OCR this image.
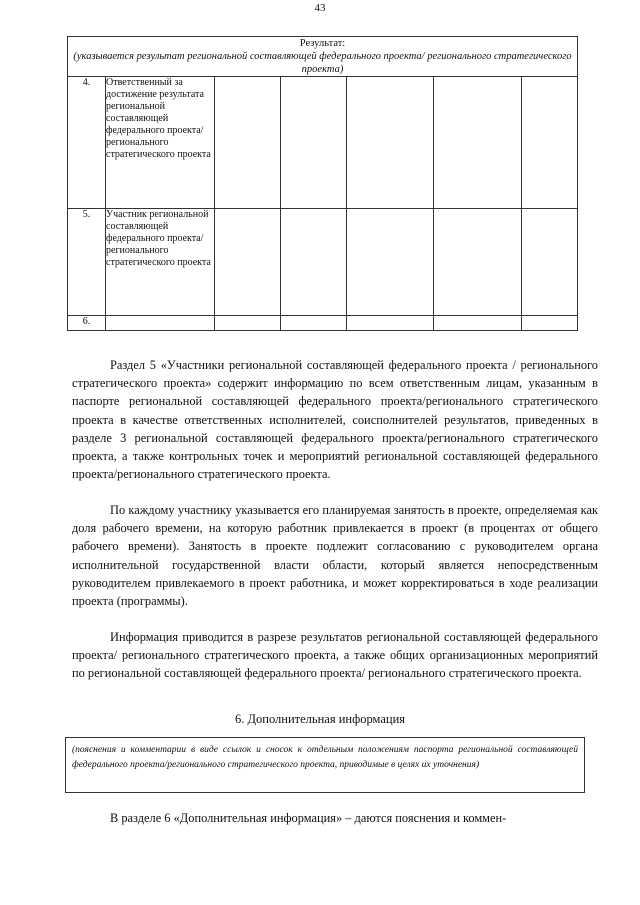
43
Результат:
(указывается результат региональной составляющей федерального проекта/ регионального стратегического проекта)						

4.	Ответственный за достижение результата региональной составляющей федерального проекта/ регионального стратегического проекта					
5.	Участник региональной составляющей федерального проекта/ регионального стратегического проекта					
6.						

Раздел 5 «Участники региональной составляющей федерального проекта / регионального стратегического проекта» содержит информацию по всем ответственным лицам, указанным в паспорте региональной составляющей федерального проекта/регионального стратегического проекта в качестве ответственных исполнителей, соисполнителей результатов, приведенных в разделе 3 региональной составляющей федерального проекта/регионального стратегического проекта, а также контрольных точек и мероприятий региональной составляющей федерального проекта/регионального стратегического проекта.

По каждому участнику указывается его планируемая занятость в проекте, определяемая как доля рабочего времени, на которую работник привлекается в проект (в процентах от общего рабочего времени). Занятость в проекте подлежит согласованию с руководителем органа исполнительной государственной власти области, который является непосредственным руководителем привлекаемого в проект работника, и может корректироваться в ходе реализации проекта (программы).

Информация приводится в разрезе результатов региональной составляющей федерального проекта/ регионального стратегического проекта, а также общих организационных мероприятий по региональной составляющей федерального проекта/ регионального стратегического проекта.

6. Дополнительная информация

(пояснения и комментарии в виде ссылок и сносок к отдельным положениям паспорта региональной составляющей федерального проекта/регионального стратегического проекта, приводимые в целях их уточнения)

В разделе 6 «Дополнительная информация» – даются пояснения и коммен-
